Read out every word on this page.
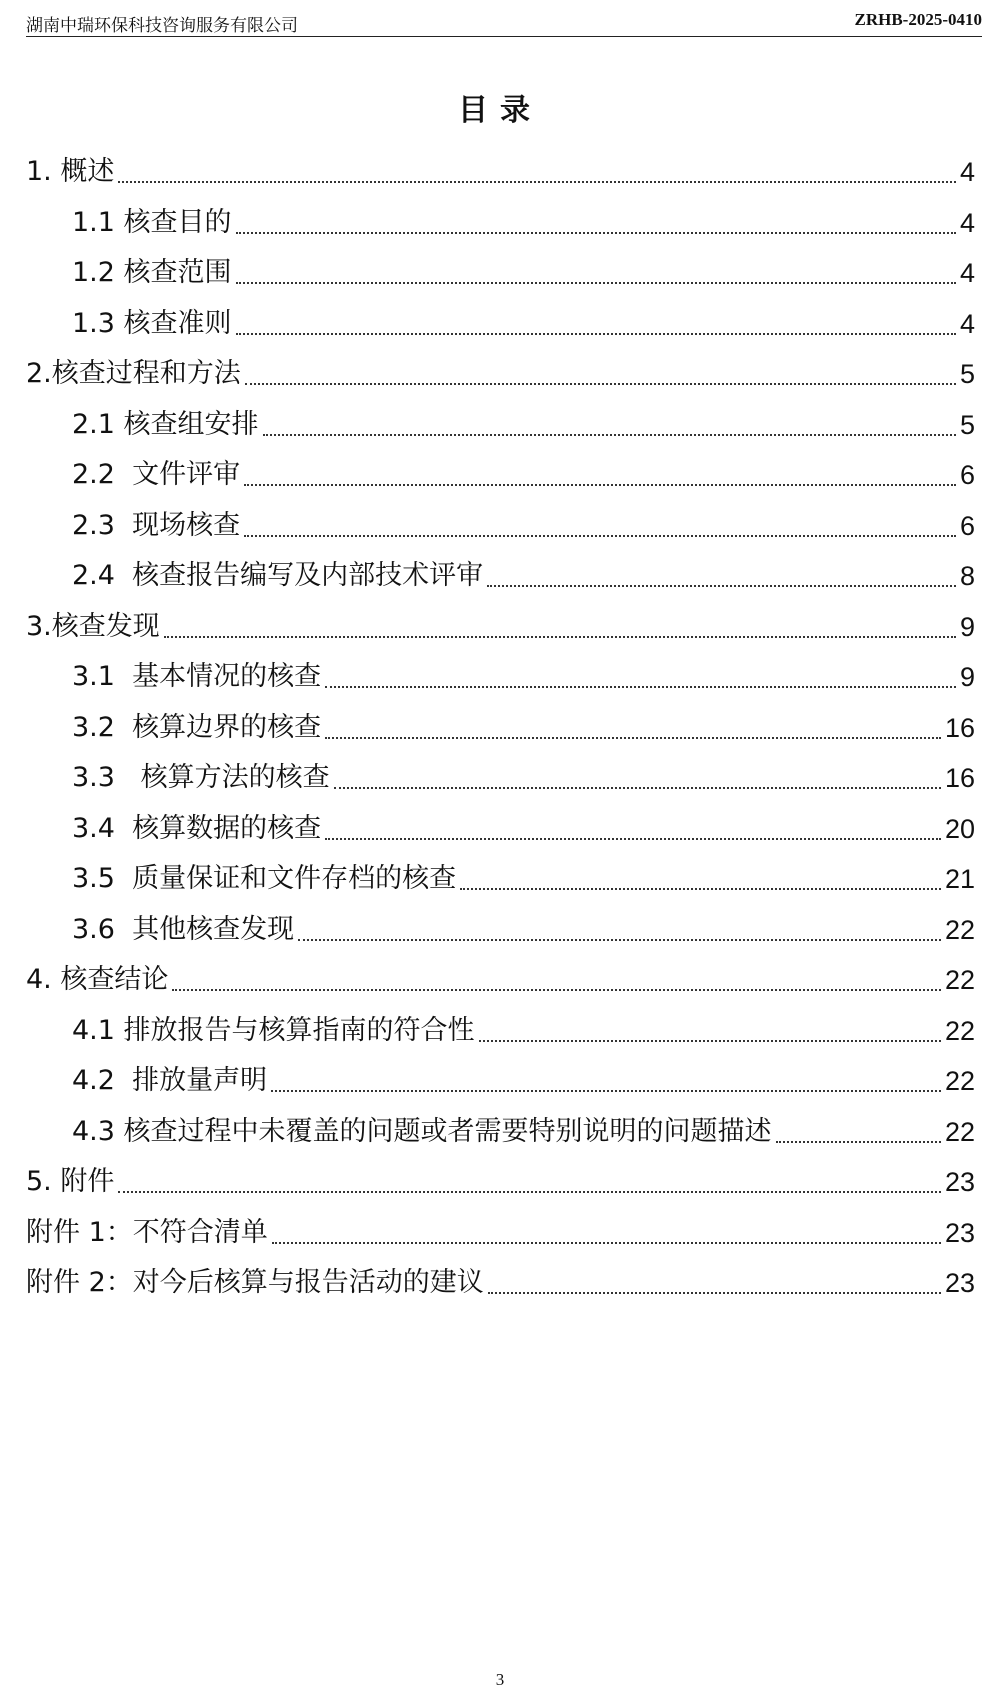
湖南中瑞环保科技咨询服务有限公司	ZRHB-2025-0410
目录
1. 概述	4
1.1 核查目的	4
1.2 核查范围	4
1.3 核查准则	4
2.核查过程和方法	5
2.1 核查组安排	5
2.2  文件评审	6
2.3  现场核查	6
2.4  核查报告编写及内部技术评审	8
3.核查发现	9
3.1  基本情况的核查	9
3.2  核算边界的核查	16
3.3   核算方法的核查	16
3.4  核算数据的核查	20
3.5  质量保证和文件存档的核查	21
3.6  其他核查发现	22
4. 核查结论	22
4.1 排放报告与核算指南的符合性	22
4.2  排放量声明	22
4.3 核查过程中未覆盖的问题或者需要特别说明的问题描述	22
5. 附件	23
附件 1：不符合清单	23
附件 2：对今后核算与报告活动的建议	23
3
